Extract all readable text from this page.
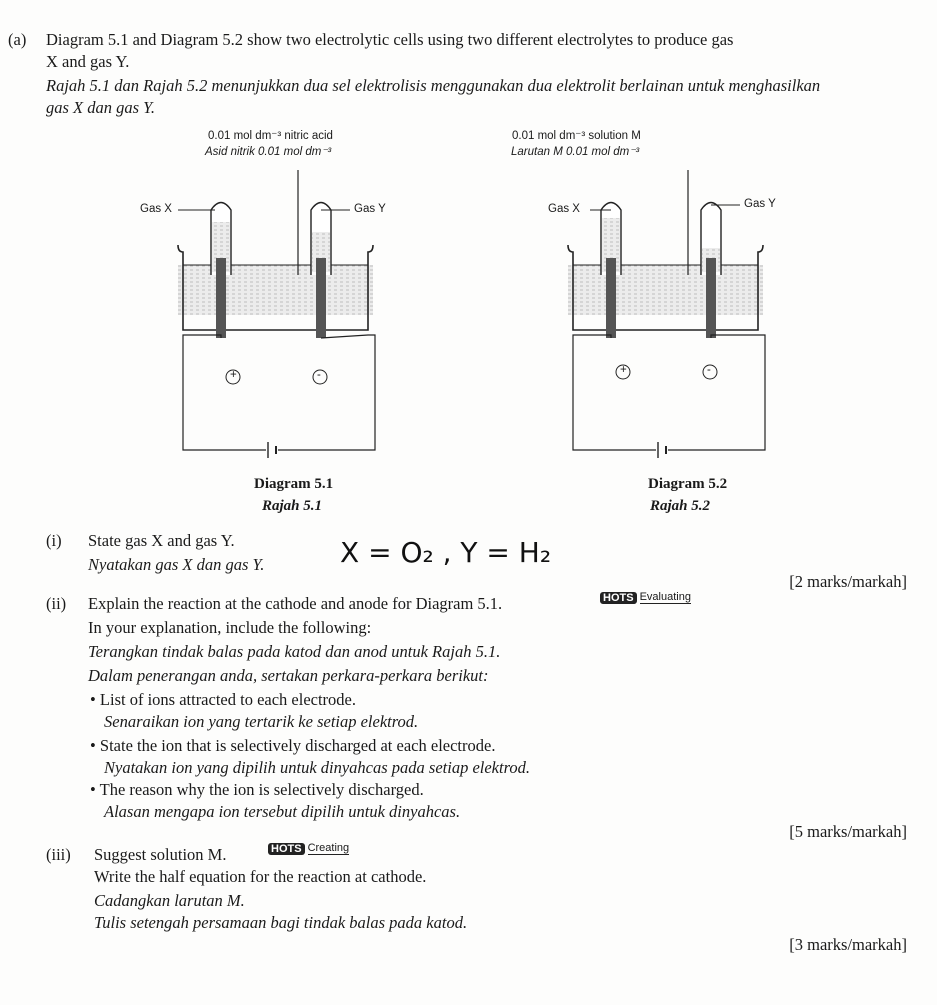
(a) Diagram 5.1 and Diagram 5.2 show two electrolytic cells using two different electrolytes to produce gas
X and gas Y.
Rajah 5.1 dan Rajah 5.2 menunjukkan dua sel elektrolisis menggunakan dua elektrolit berlainan untuk menghasilkan
gas X dan gas Y.
0.01 mol dm⁻³ nitric acid
Asid nitrik 0.01 mol dm⁻³
Gas X	Gas Y
+	-
Diagram 5.1
Rajah 5.1
0.01 mol dm⁻³ solution M
Larutan M 0.01 mol dm⁻³
Gas X	Gas Y
+	-
Diagram 5.2
Rajah 5.2
(i) State gas X and gas Y.
Nyatakan gas X dan gas Y.	X = O₂ , Y = H₂
[2 marks/markah]
(ii) Explain the reaction at the cathode and anode for Diagram 5.1.	HOTS Evaluating
In your explanation, include the following:
Terangkan tindak balas pada katod dan anod untuk Rajah 5.1.
Dalam penerangan anda, sertakan perkara-perkara berikut:
• List of ions attracted to each electrode.
Senaraikan ion yang tertarik ke setiap elektrod.
• State the ion that is selectively discharged at each electrode.
Nyatakan ion yang dipilih untuk dinyahcas pada setiap elektrod.
• The reason why the ion is selectively discharged.
Alasan mengapa ion tersebut dipilih untuk dinyahcas.
[5 marks/markah]
(iii) Suggest solution M.	HOTS Creating
Write the half equation for the reaction at cathode.
Cadangkan larutan M.
Tulis setengah persamaan bagi tindak balas pada katod.
[3 marks/markah]
